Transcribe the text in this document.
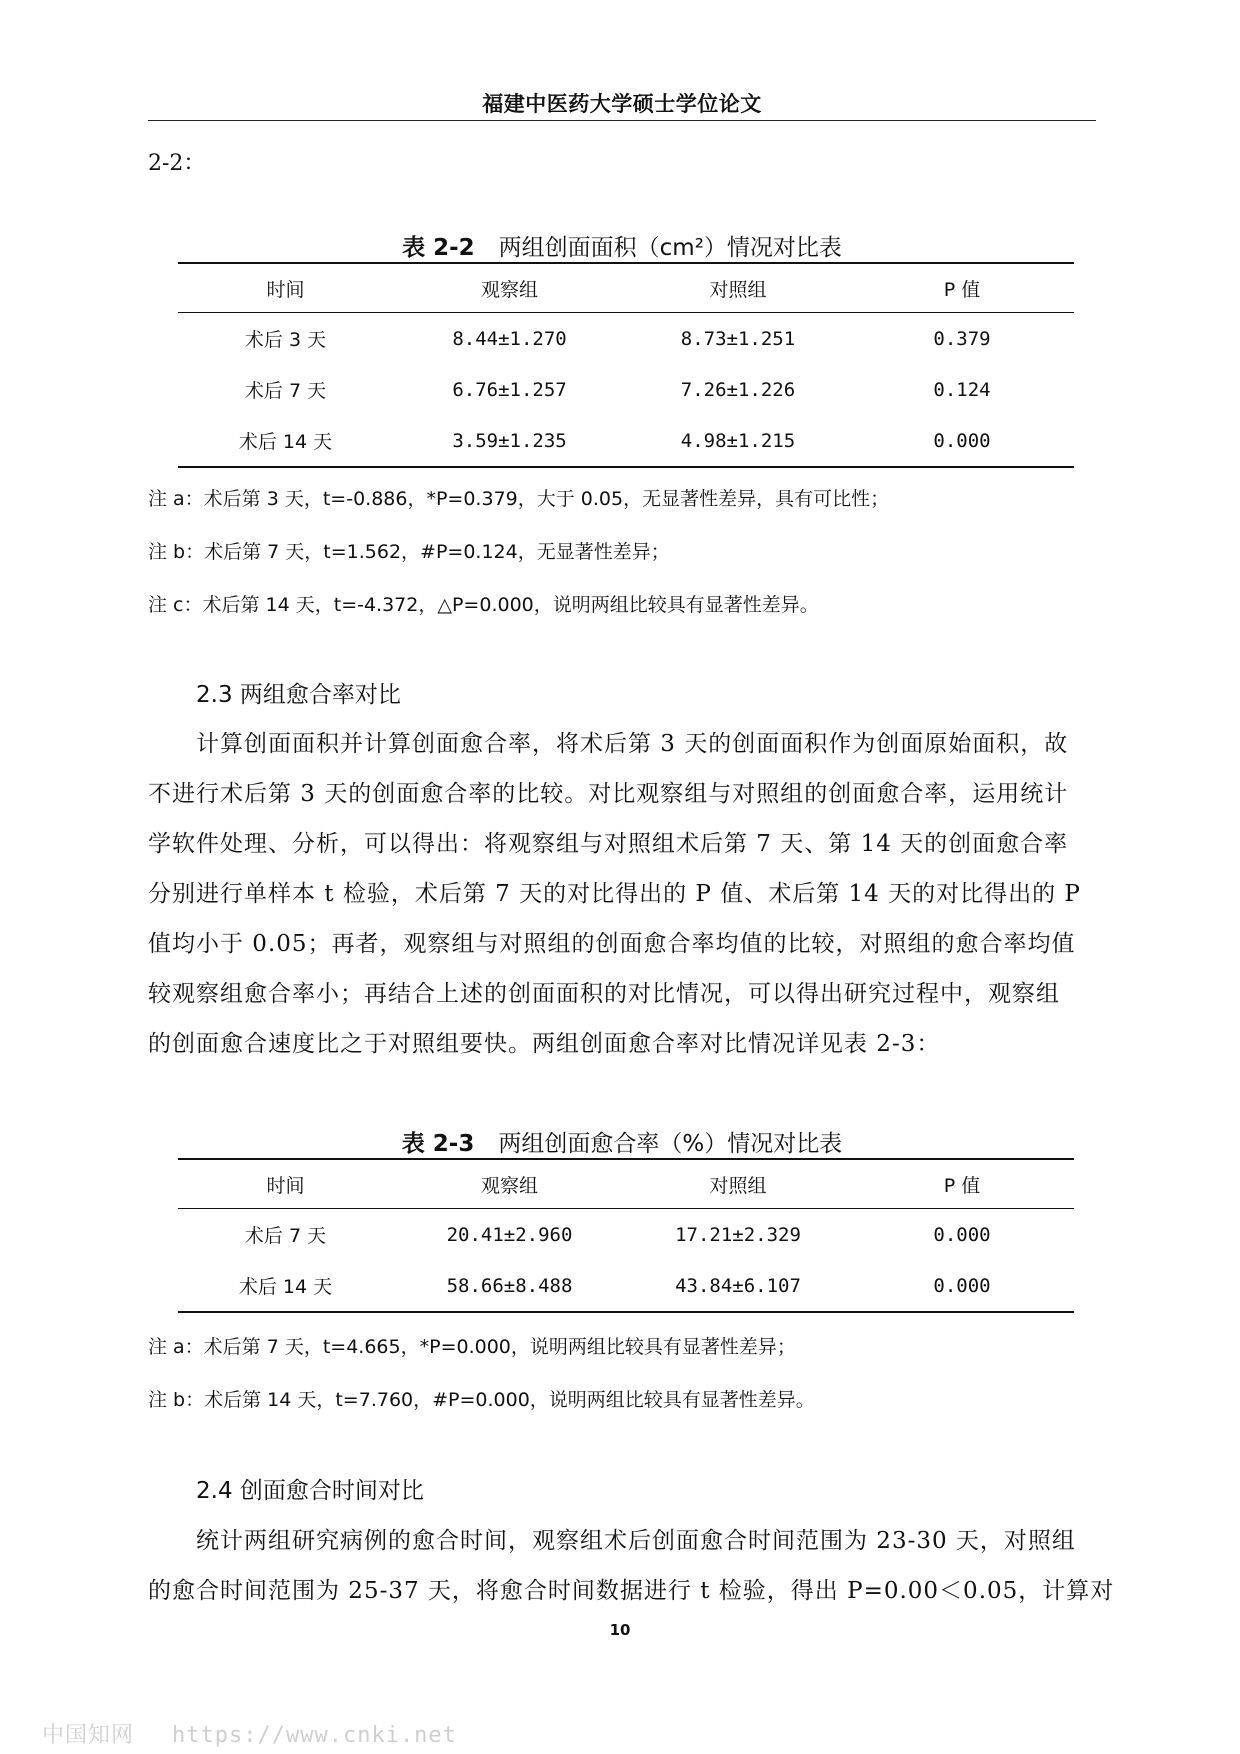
福建中医药大学硕士学位论文
2-2：
表 2-2 两组创面面积（cm²）情况对比表
时间	观察组	对照组	P 值
术后 3 天	8.44±1.270	8.73±1.251	0.379
术后 7 天	6.76±1.257	7.26±1.226	0.124
术后 14 天	3.59±1.235	4.98±1.215	0.000
注 a：术后第 3 天，t=-0.886，*P=0.379，大于 0.05，无显著性差异，具有可比性；
注 b：术后第 7 天，t=1.562，#P=0.124，无显著性差异；
注 c：术后第 14 天，t=-4.372，△P=0.000，说明两组比较具有显著性差异。
2.3 两组愈合率对比
计算创面面积并计算创面愈合率，将术后第 3 天的创面面积作为创面原始面积，故
不进行术后第 3 天的创面愈合率的比较。对比观察组与对照组的创面愈合率，运用统计
学软件处理、分析，可以得出：将观察组与对照组术后第 7 天、第 14 天的创面愈合率
分别进行单样本 t 检验，术后第 7 天的对比得出的 P 值、术后第 14 天的对比得出的 P
值均小于 0.05；再者，观察组与对照组的创面愈合率均值的比较，对照组的愈合率均值
较观察组愈合率小；再结合上述的创面面积的对比情况，可以得出研究过程中，观察组
的创面愈合速度比之于对照组要快。两组创面愈合率对比情况详见表 2-3：
表 2-3 两组创面愈合率（%）情况对比表
时间	观察组	对照组	P 值
术后 7 天	20.41±2.960	17.21±2.329	0.000
术后 14 天	58.66±8.488	43.84±6.107	0.000
注 a：术后第 7 天，t=4.665，*P=0.000，说明两组比较具有显著性差异；
注 b：术后第 14 天，t=7.760，#P=0.000，说明两组比较具有显著性差异。
2.4 创面愈合时间对比
统计两组研究病例的愈合时间，观察组术后创面愈合时间范围为 23-30 天，对照组
的愈合时间范围为 25-37 天，将愈合时间数据进行 t 检验，得出 P=0.00＜0.05，计算对
10
中国知网 https://www.cnki.net
